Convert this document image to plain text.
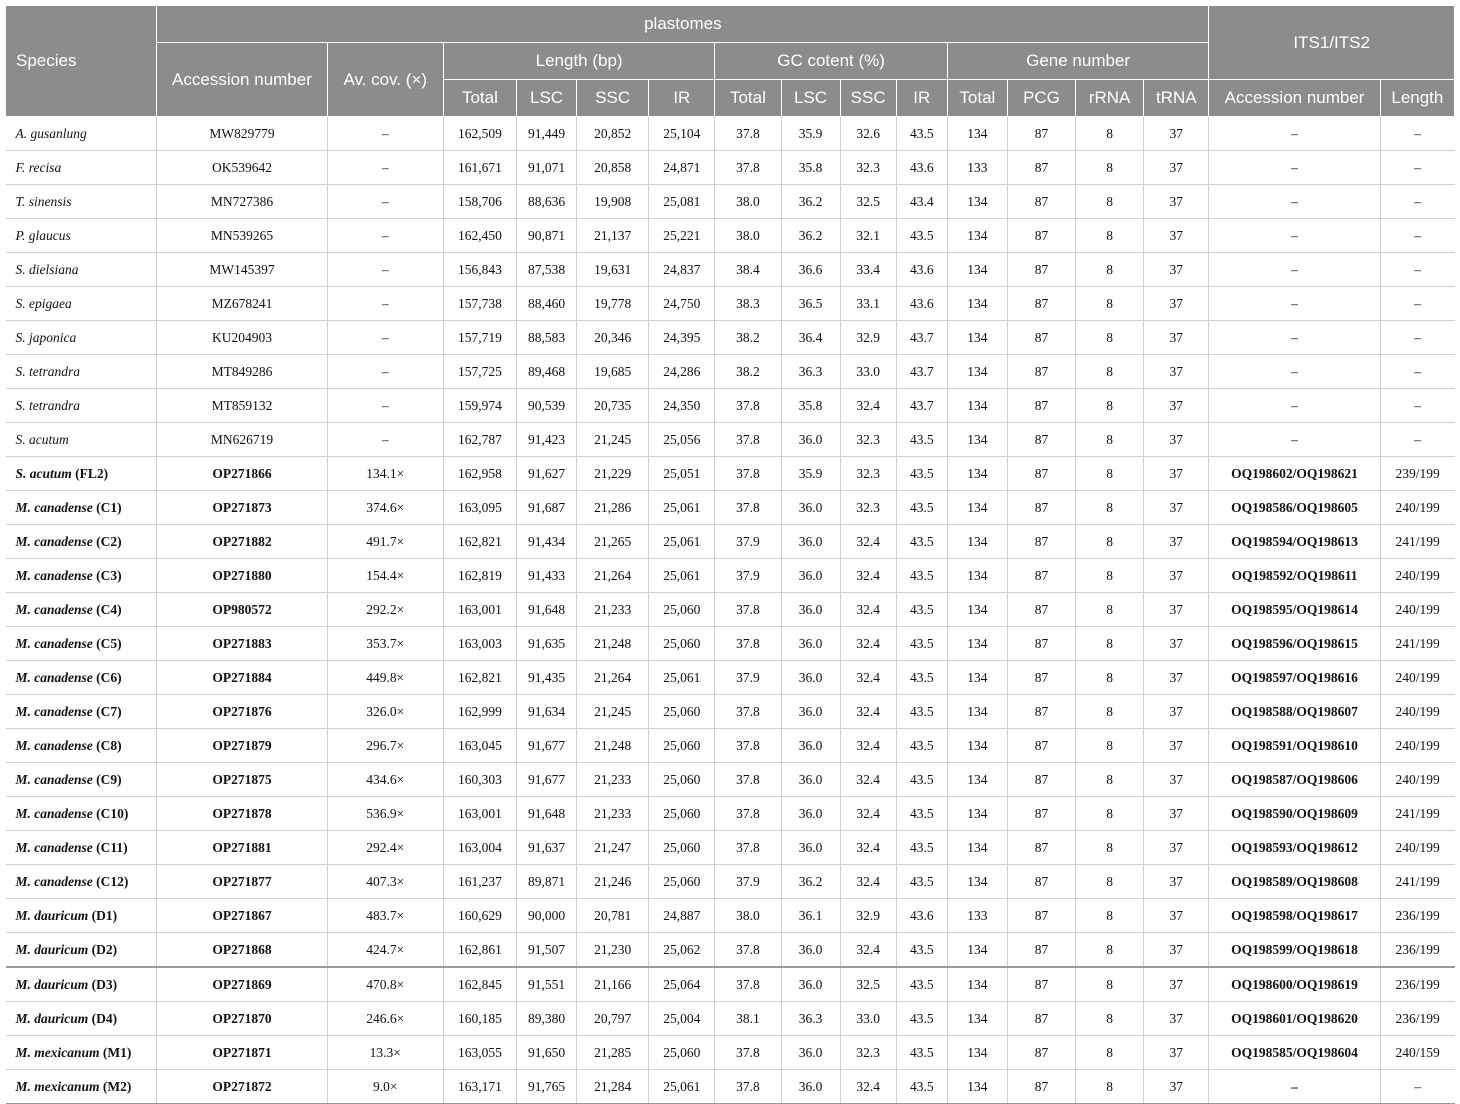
Species	plastomes														ITS1/ITS2	
	Accession number	Av. cov. (×)	Length (bp)				GC cotent (%)				Gene number					
			Total	LSC	SSC	IR	Total	LSC	SSC	IR	Total	PCG	rRNA	tRNA	Accession number	Length
A. gusanlung	MW829779	–	162,509	91,449	20,852	25,104	37.8	35.9	32.6	43.5	134	87	8	37	–	–
F. recisa	OK539642	–	161,671	91,071	20,858	24,871	37.8	35.8	32.3	43.6	133	87	8	37	–	–
T. sinensis	MN727386	–	158,706	88,636	19,908	25,081	38.0	36.2	32.5	43.4	134	87	8	37	–	–
P. glaucus	MN539265	–	162,450	90,871	21,137	25,221	38.0	36.2	32.1	43.5	134	87	8	37	–	–
S. dielsiana	MW145397	–	156,843	87,538	19,631	24,837	38.4	36.6	33.4	43.6	134	87	8	37	–	–
S. epigaea	MZ678241	–	157,738	88,460	19,778	24,750	38.3	36.5	33.1	43.6	134	87	8	37	–	–
S. japonica	KU204903	–	157,719	88,583	20,346	24,395	38.2	36.4	32.9	43.7	134	87	8	37	–	–
S. tetrandra	MT849286	–	157,725	89,468	19,685	24,286	38.2	36.3	33.0	43.7	134	87	8	37	–	–
S. tetrandra	MT859132	–	159,974	90,539	20,735	24,350	37.8	35.8	32.4	43.7	134	87	8	37	–	–
S. acutum	MN626719	–	162,787	91,423	21,245	25,056	37.8	36.0	32.3	43.5	134	87	8	37	–	–
S. acutum (FL2)	OP271866	134.1×	162,958	91,627	21,229	25,051	37.8	35.9	32.3	43.5	134	87	8	37	OQ198602/OQ198621	239/199
M. canadense (C1)	OP271873	374.6×	163,095	91,687	21,286	25,061	37.8	36.0	32.3	43.5	134	87	8	37	OQ198586/OQ198605	240/199
M. canadense (C2)	OP271882	491.7×	162,821	91,434	21,265	25,061	37.9	36.0	32.4	43.5	134	87	8	37	OQ198594/OQ198613	241/199
M. canadense (C3)	OP271880	154.4×	162,819	91,433	21,264	25,061	37.9	36.0	32.4	43.5	134	87	8	37	OQ198592/OQ198611	240/199
M. canadense (C4)	OP980572	292.2×	163,001	91,648	21,233	25,060	37.8	36.0	32.4	43.5	134	87	8	37	OQ198595/OQ198614	240/199
M. canadense (C5)	OP271883	353.7×	163,003	91,635	21,248	25,060	37.8	36.0	32.4	43.5	134	87	8	37	OQ198596/OQ198615	241/199
M. canadense (C6)	OP271884	449.8×	162,821	91,435	21,264	25,061	37.9	36.0	32.4	43.5	134	87	8	37	OQ198597/OQ198616	240/199
M. canadense (C7)	OP271876	326.0×	162,999	91,634	21,245	25,060	37.8	36.0	32.4	43.5	134	87	8	37	OQ198588/OQ198607	240/199
M. canadense (C8)	OP271879	296.7×	163,045	91,677	21,248	25,060	37.8	36.0	32.4	43.5	134	87	8	37	OQ198591/OQ198610	240/199
M. canadense (C9)	OP271875	434.6×	160,303	91,677	21,233	25,060	37.8	36.0	32.4	43.5	134	87	8	37	OQ198587/OQ198606	240/199
M. canadense (C10)	OP271878	536.9×	163,001	91,648	21,233	25,060	37.8	36.0	32.4	43.5	134	87	8	37	OQ198590/OQ198609	241/199
M. canadense (C11)	OP271881	292.4×	163,004	91,637	21,247	25,060	37.8	36.0	32.4	43.5	134	87	8	37	OQ198593/OQ198612	240/199
M. canadense (C12)	OP271877	407.3×	161,237	89,871	21,246	25,060	37.9	36.2	32.4	43.5	134	87	8	37	OQ198589/OQ198608	241/199
M. dauricum (D1)	OP271867	483.7×	160,629	90,000	20,781	24,887	38.0	36.1	32.9	43.6	133	87	8	37	OQ198598/OQ198617	236/199
M. dauricum (D2)	OP271868	424.7×	162,861	91,507	21,230	25,062	37.8	36.0	32.4	43.5	134	87	8	37	OQ198599/OQ198618	236/199
M. dauricum (D3)	OP271869	470.8×	162,845	91,551	21,166	25,064	37.8	36.0	32.5	43.5	134	87	8	37	OQ198600/OQ198619	236/199
M. dauricum (D4)	OP271870	246.6×	160,185	89,380	20,797	25,004	38.1	36.3	33.0	43.5	134	87	8	37	OQ198601/OQ198620	236/199
M. mexicanum (M1)	OP271871	13.3×	163,055	91,650	21,285	25,060	37.8	36.0	32.3	43.5	134	87	8	37	OQ198585/OQ198604	240/159
M. mexicanum (M2)	OP271872	9.0×	163,171	91,765	21,284	25,061	37.8	36.0	32.4	43.5	134	87	8	37	–	–
